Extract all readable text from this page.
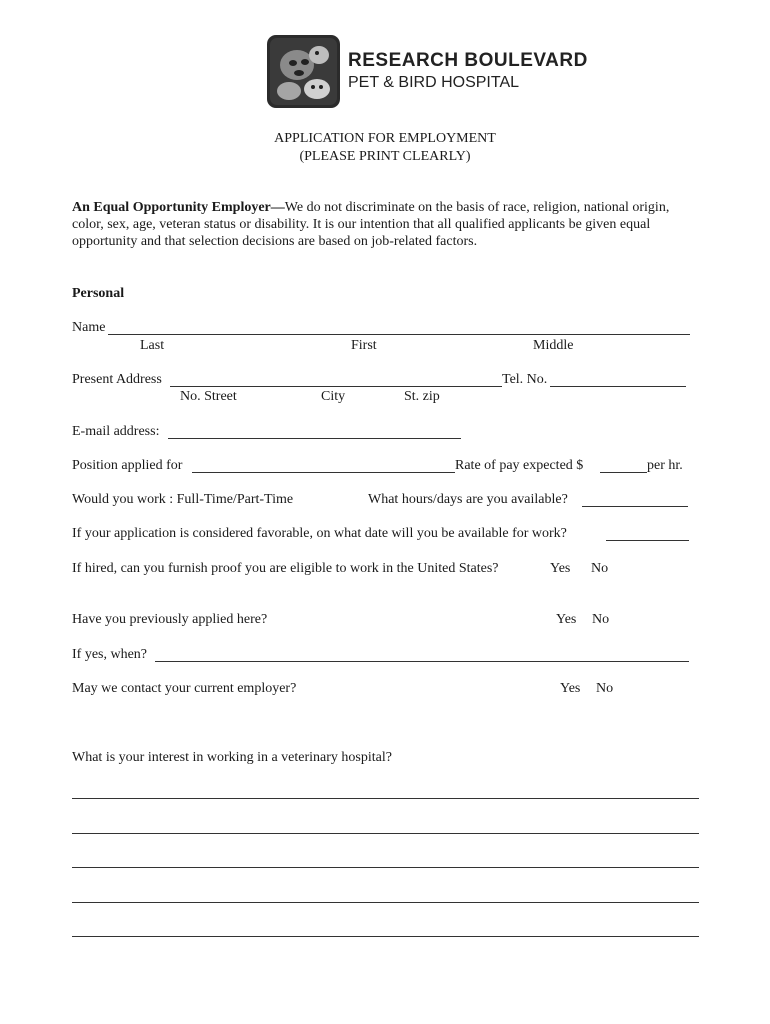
RESEARCH BOULEVARD
PET & BIRD HOSPITAL
APPLICATION FOR EMPLOYMENT
(PLEASE PRINT CLEARLY)
An Equal Opportunity Employer—We do not discriminate on the basis of race, religion, national origin, color, sex, age, veteran status or disability. It is our intention that all qualified applicants be given equal opportunity and that selection decisions are based on job-related factors.
Personal
Name
Last	First	Middle
Present Address	Tel. No.
No. Street	City	St. zip
E-mail address:
Position applied for	Rate of pay expected $	per hr.
Would you work : Full-Time/Part-Time	What hours/days are you available?
If your application is considered favorable, on what date will you be available for work?
If hired, can you furnish proof you are eligible to work in the United States?	Yes No
Have you previously applied here?	Yes No
If yes, when?
May we contact your current employer?	Yes No
What is your interest in working in a veterinary hospital?
